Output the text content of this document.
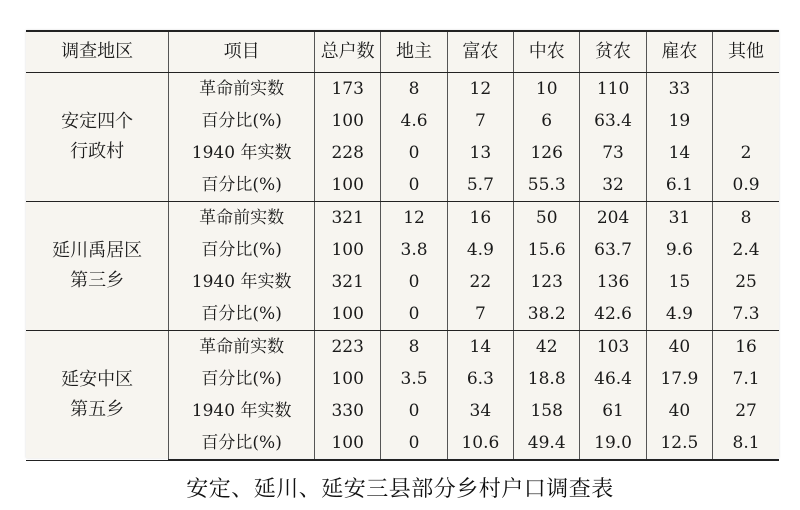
调查地区	项目	总户数	地主	富农	中农	贫农	雇农	其他

安定四个
行政村	革命前实数	173	8	12	10	110	33	
	百分比(%)	100	4.6	7	6	63.4	19	
	1940 年实数	228	0	13	126	73	14	2
	百分比(%)	100	0	5.7	55.3	32	6.1	0.9

延川禹居区
第三乡	革命前实数	321	12	16	50	204	31	8
	百分比(%)	100	3.8	4.9	15.6	63.7	9.6	2.4
	1940 年实数	321	0	22	123	136	15	25
	百分比(%)	100	0	7	38.2	42.6	4.9	7.3

延安中区
第五乡	革命前实数	223	8	14	42	103	40	16
	百分比(%)	100	3.5	6.3	18.8	46.4	17.9	7.1
	1940 年实数	330	0	34	158	61	40	27
	百分比(%)	100	0	10.6	49.4	19.0	12.5	8.1
安定、延川、延安三县部分乡村户口调查表
